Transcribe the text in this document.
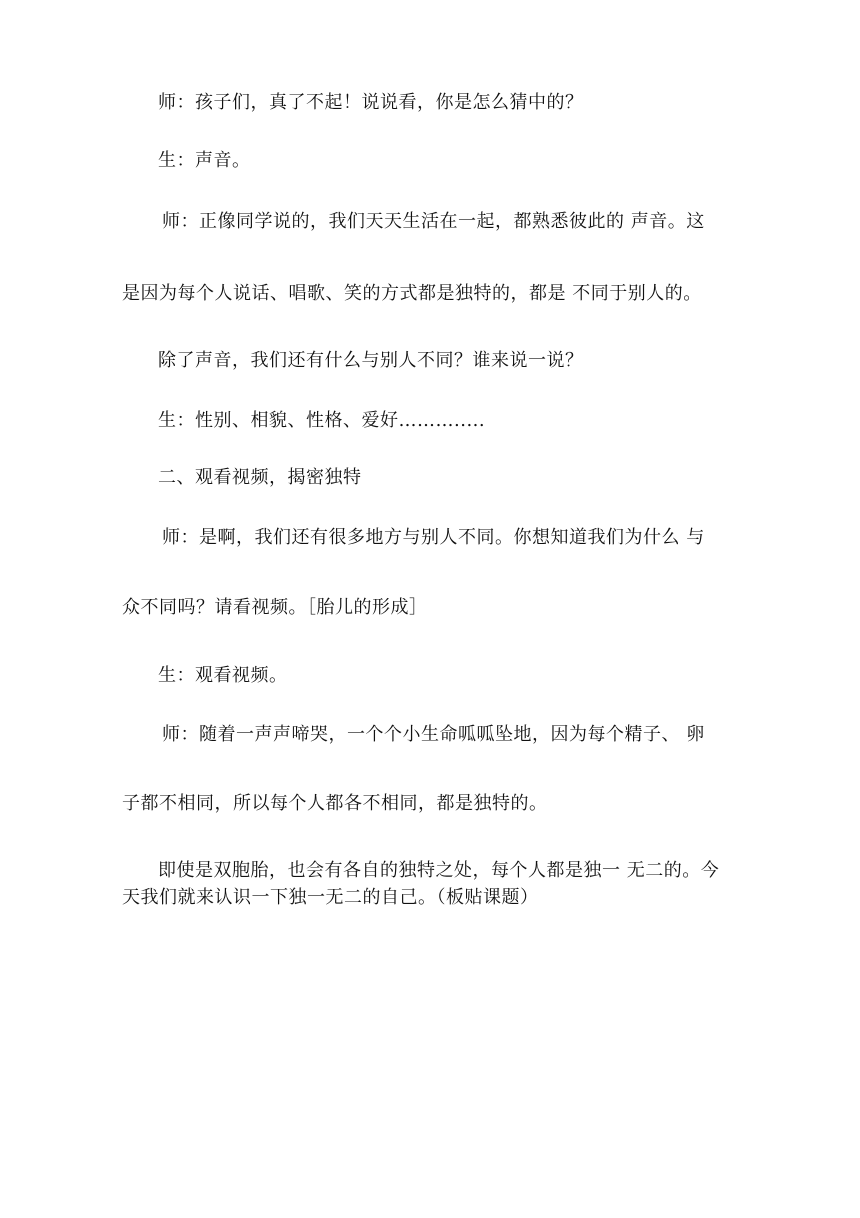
师：孩子们，真了不起！说说看，你是怎么猜中的？
生：声音。
师：正像同学说的，我们天天生活在一起，都熟悉彼此的 声音。这
是因为每个人说话、唱歌、笑的方式都是独特的，都是 不同于别人的。
除了声音，我们还有什么与别人不同？谁来说一说？
生：性别、相貌、性格、爱好……….....
二、观看视频，揭密独特
师：是啊，我们还有很多地方与别人不同。你想知道我们为什么 与
众不同吗？请看视频。［胎儿的形成］
生：观看视频。
师：随着一声声啼哭，一个个小生命呱呱坠地，因为每个精子、 卵
子都不相同，所以每个人都各不相同，都是独特的。
即使是双胞胎，也会有各自的独特之处，每个人都是独一 无二的。今
天我们就来认识一下独一无二的自己。（板贴课题）
